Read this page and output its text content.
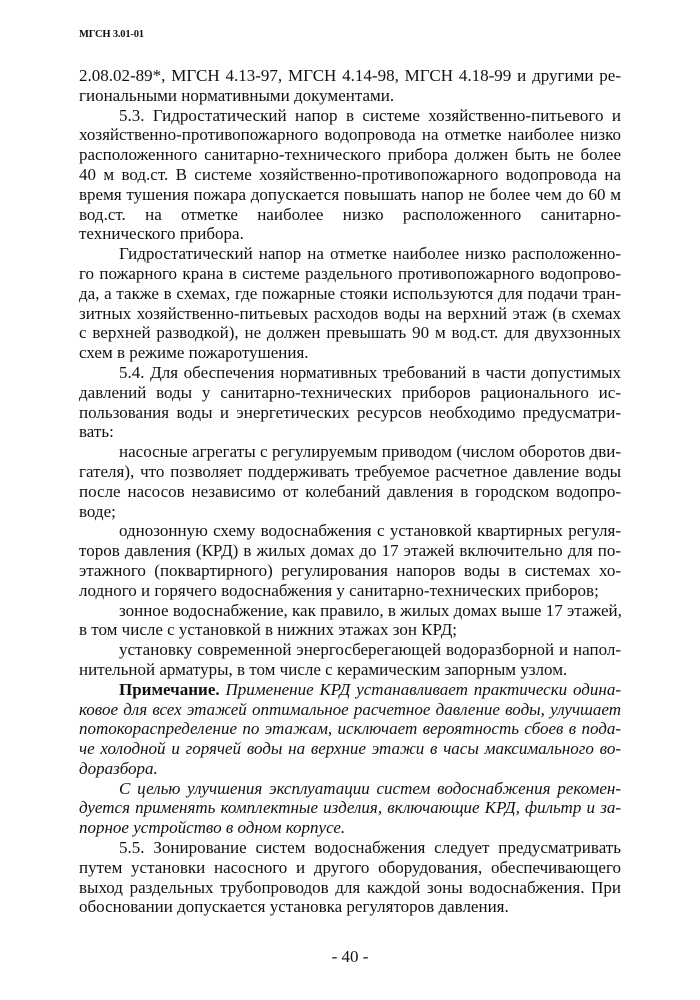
МГСН 3.01-01
2.08.02-89*, МГСН 4.13-97, МГСН 4.14-98, МГСН 4.18-99 и другими ре-
гиональными нормативными документами.
5.3. Гидростатический напор в системе хозяйственно-питьевого и
хозяйственно-противопожарного водопровода на отметке наиболее низко
расположенного санитарно-технического прибора должен быть не более
40 м вод.ст. В системе хозяйственно-противопожарного водопровода на
время тушения пожара допускается повышать напор не более чем до 60 м
вод.ст. на отметке наиболее низко расположенного санитарно-
технического прибора.
Гидростатический напор на отметке наиболее низко расположенно-
го пожарного крана в системе раздельного противопожарного водопрово-
да, а также в схемах, где пожарные стояки используются для подачи тран-
зитных хозяйственно-питьевых расходов воды на верхний этаж (в схемах
с верхней разводкой), не должен превышать 90 м вод.ст. для двухзонных
схем в режиме пожаротушения.
5.4. Для обеспечения нормативных требований в части допустимых
давлений воды у санитарно-технических приборов рационального ис-
пользования воды и энергетических ресурсов необходимо предусматри-
вать:
насосные агрегаты с регулируемым приводом (числом оборотов дви-
гателя), что позволяет поддерживать требуемое расчетное давление воды
после насосов независимо от колебаний давления в городском водопро-
воде;
однозонную схему водоснабжения с установкой квартирных регуля-
торов давления (КРД) в жилых домах до 17 этажей включительно для по-
этажного (поквартирного) регулирования напоров воды в системах хо-
лодного и горячего водоснабжения у санитарно-технических приборов;
зонное водоснабжение, как правило, в жилых домах выше 17 этажей,
в том числе с установкой в нижних этажах зон КРД;
установку современной энергосберегающей водоразборной и напол-
нительной арматуры, в том числе с керамическим запорным узлом.
Примечание. Применение КРД устанавливает практически одина-
ковое для всех этажей оптимальное расчетное давление воды, улучшает
потокораспределение по этажам, исключает вероятность сбоев в пода-
че холодной и горячей воды на верхние этажи в часы максимального во-
доразбора.
С целью улучшения эксплуатации систем водоснабжения рекомен-
дуется применять комплектные изделия, включающие КРД, фильтр и за-
порное устройство в одном корпусе.
5.5. Зонирование систем водоснабжения следует предусматривать
путем установки насосного и другого оборудования, обеспечивающего
выход раздельных трубопроводов для каждой зоны водоснабжения. При
обосновании допускается установка регуляторов давления.
- 40 -
